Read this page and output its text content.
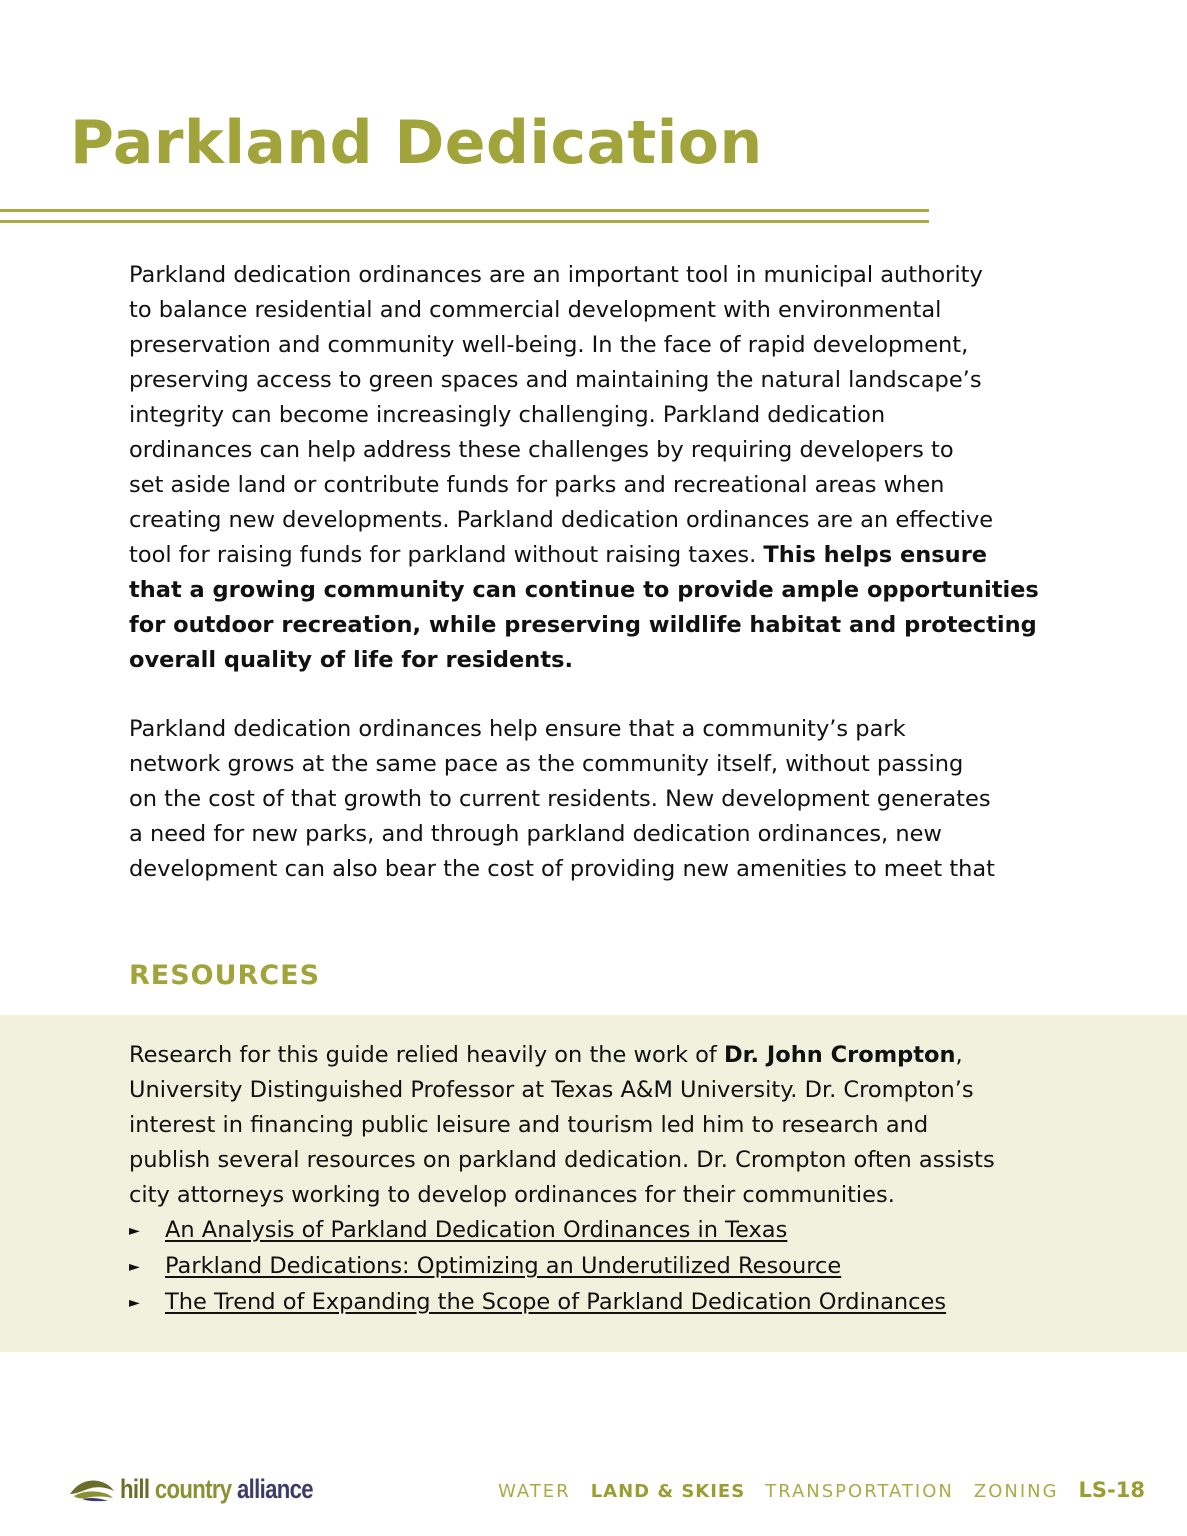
Parkland Dedication
Parkland dedication ordinances are an important tool in municipal authority
to balance residential and commercial development with environmental
preservation and community well-being. In the face of rapid development,
preserving access to green spaces and maintaining the natural landscape’s
integrity can become increasingly challenging. Parkland dedication
ordinances can help address these challenges by requiring developers to
set aside land or contribute funds for parks and recreational areas when
creating new developments. Parkland dedication ordinances are an effective
tool for raising funds for parkland without raising taxes. This helps ensure
that a growing community can continue to provide ample opportunities
for outdoor recreation, while preserving wildlife habitat and protecting
overall quality of life for residents.
Parkland dedication ordinances help ensure that a community’s park
network grows at the same pace as the community itself, without passing
on the cost of that growth to current residents. New development generates
a need for new parks, and through parkland dedication ordinances, new
development can also bear the cost of providing new amenities to meet that
RESOURCES
Research for this guide relied heavily on the work of Dr. John Crompton,
University Distinguished Professor at Texas A&M University. Dr. Crompton’s
interest in financing public leisure and tourism led him to research and
publish several resources on parkland dedication. Dr. Crompton often assists
city attorneys working to develop ordinances for their communities.
► An Analysis of Parkland Dedication Ordinances in Texas
► Parkland Dedications: Optimizing an Underutilized Resource
► The Trend of Expanding the Scope of Parkland Dedication Ordinances
hill country alliance	WATER LAND & SKIES TRANSPORTATION ZONING LS-18
